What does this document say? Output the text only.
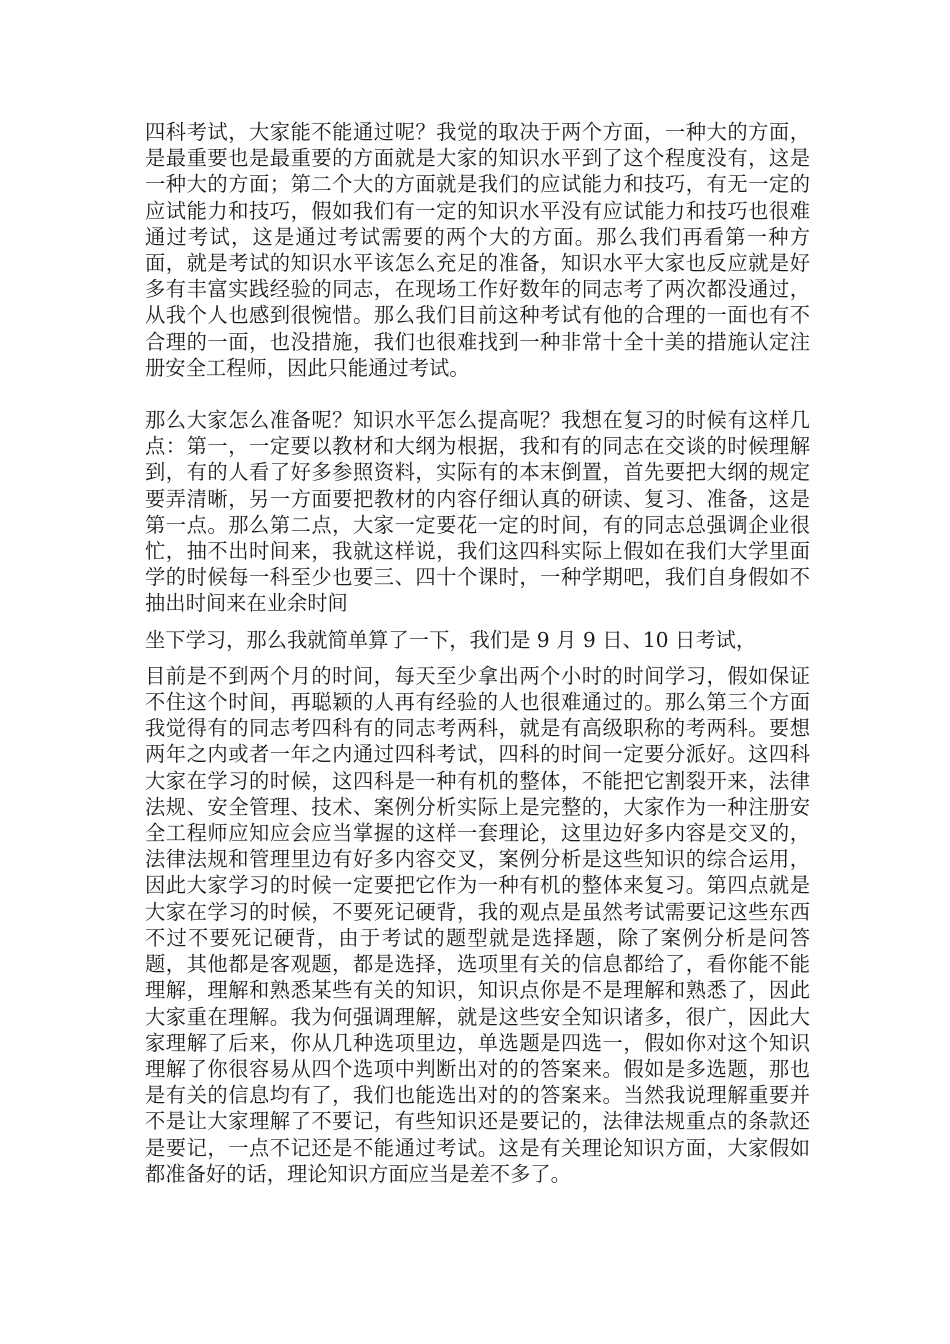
四科考试，大家能不能通过呢？我觉的取决于两个方面，一种大的方面，是最重要也是最重要的方面就是大家的知识水平到了这个程度没有，这是一种大的方面；第二个大的方面就是我们的应试能力和技巧，有无一定的应试能力和技巧，假如我们有一定的知识水平没有应试能力和技巧也很难通过考试，这是通过考试需要的两个大的方面。那么我们再看第一种方面，就是考试的知识水平该怎么充足的准备，知识水平大家也反应就是好多有丰富实践经验的同志，在现场工作好数年的同志考了两次都没通过，从我个人也感到很惋惜。那么我们目前这种考试有他的合理的一面也有不合理的一面，也没措施，我们也很难找到一种非常十全十美的措施认定注册安全工程师，因此只能通过考试。

那么大家怎么准备呢？知识水平怎么提高呢？我想在复习的时候有这样几点：第一，一定要以教材和大纲为根据，我和有的同志在交谈的时候理解到，有的人看了好多参照资料，实际有的本末倒置，首先要把大纲的规定要弄清晰，另一方面要把教材的内容仔细认真的研读、复习、准备，这是第一点。那么第二点，大家一定要花一定的时间，有的同志总强调企业很忙，抽不出时间来，我就这样说，我们这四科实际上假如在我们大学里面学的时候每一科至少也要三、四十个课时，一种学期吧，我们自身假如不抽出时间来在业余时间

坐下学习，那么我就简单算了一下，我们是 9 月 9 日、10 日考试，

目前是不到两个月的时间，每天至少拿出两个小时的时间学习，假如保证不住这个时间，再聪颖的人再有经验的人也很难通过的。那么第三个方面我觉得有的同志考四科有的同志考两科，就是有高级职称的考两科。要想两年之内或者一年之内通过四科考试，四科的时间一定要分派好。这四科大家在学习的时候，这四科是一种有机的整体，不能把它割裂开来，法律法规、安全管理、技术、案例分析实际上是完整的，大家作为一种注册安全工程师应知应会应当掌握的这样一套理论，这里边好多内容是交叉的，法律法规和管理里边有好多内容交叉，案例分析是这些知识的综合运用，因此大家学习的时候一定要把它作为一种有机的整体来复习。第四点就是大家在学习的时候，不要死记硬背，我的观点是虽然考试需要记这些东西不过不要死记硬背，由于考试的题型就是选择题，除了案例分析是问答题，其他都是客观题，都是选择，选项里有关的信息都给了，看你能不能理解，理解和熟悉某些有关的知识，知识点你是不是理解和熟悉了，因此大家重在理解。我为何强调理解，就是这些安全知识诸多，很广，因此大家理解了后来，你从几种选项里边，单选题是四选一，假如你对这个知识理解了你很容易从四个选项中判断出对的的答案来。假如是多选题，那也是有关的信息均有了，我们也能选出对的的答案来。当然我说理解重要并不是让大家理解了不要记，有些知识还是要记的，法律法规重点的条款还是要记，一点不记还是不能通过考试。这是有关理论知识方面，大家假如都准备好的话，理论知识方面应当是差不多了。
